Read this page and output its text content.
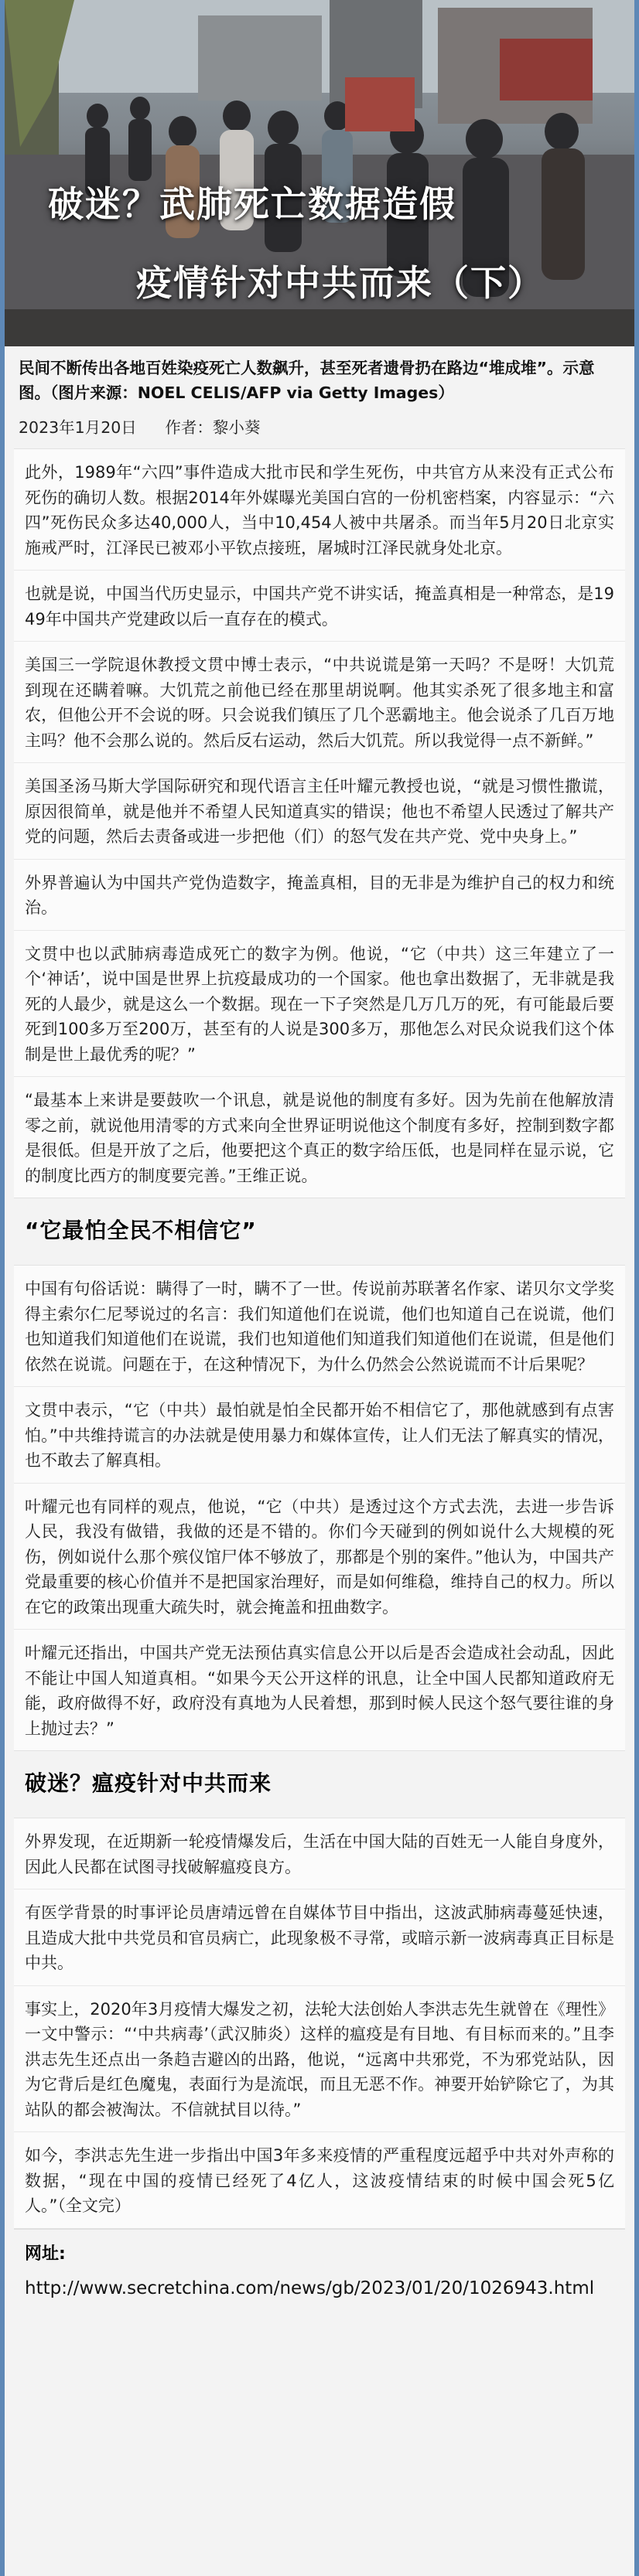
破迷？武肺死亡数据造假
疫情针对中共而来（下）
民间不断传出各地百姓染疫死亡人数飙升，甚至死者遗骨扔在路边“堆成堆”。示意图。（图片来源：NOEL CELIS/AFP via Getty Images）
2023年1月20日 作者：黎小葵

此外，1989年“六四”事件造成大批市民和学生死伤，中共官方从来没有正式公布死伤的确切人数。根据2014年外媒曝光美国白宫的一份机密档案，内容显示：“六四”死伤民众多达40,000人，当中10,454人被中共屠杀。而当年5月20日北京实施戒严时，江泽民已被邓小平钦点接班，屠城时江泽民就身处北京。

也就是说，中国当代历史显示，中国共产党不讲实话，掩盖真相是一种常态，是1949年中国共产党建政以后一直存在的模式。

美国三一学院退休教授文贯中博士表示，“中共说谎是第一天吗？不是呀！大饥荒到现在还瞒着嘛。大饥荒之前他已经在那里胡说啊。他其实杀死了很多地主和富农，但他公开不会说的呀。只会说我们镇压了几个恶霸地主。他会说杀了几百万地主吗？他不会那么说的。然后反右运动，然后大饥荒。所以我觉得一点不新鲜。”

美国圣汤马斯大学国际研究和现代语言主任叶耀元教授也说，“就是习惯性撒谎，原因很简单，就是他并不希望人民知道真实的错误；他也不希望人民透过了解共产党的问题，然后去责备或进一步把他（们）的怒气发在共产党、党中央身上。”

外界普遍认为中国共产党伪造数字，掩盖真相，目的无非是为维护自己的权力和统治。

文贯中也以武肺病毒造成死亡的数字为例。他说，“它（中共）这三年建立了一个‘神话’，说中国是世界上抗疫最成功的一个国家。他也拿出数据了，无非就是我死的人最少，就是这么一个数据。现在一下子突然是几万几万的死，有可能最后要死到100多万至200万，甚至有的人说是300多万，那他怎么对民众说我们这个体制是世上最优秀的呢？”

“最基本上来讲是要鼓吹一个讯息，就是说他的制度有多好。因为先前在他解放清零之前，就说他用清零的方式来向全世界证明说他这个制度有多好，控制到数字都是很低。但是开放了之后，他要把这个真正的数字给压低，也是同样在显示说，它的制度比西方的制度要完善。”王维正说。

“它最怕全民不相信它”

中国有句俗话说：瞒得了一时，瞒不了一世。传说前苏联著名作家、诺贝尔文学奖得主索尔仁尼琴说过的名言：我们知道他们在说谎，他们也知道自己在说谎，他们也知道我们知道他们在说谎，我们也知道他们知道我们知道他们在说谎，但是他们依然在说谎。问题在于，在这种情况下，为什么仍然会公然说谎而不计后果呢？

文贯中表示，“它（中共）最怕就是怕全民都开始不相信它了，那他就感到有点害怕。”中共维持谎言的办法就是使用暴力和媒体宣传，让人们无法了解真实的情况，也不敢去了解真相。

叶耀元也有同样的观点，他说，“它（中共）是透过这个方式去洗，去进一步告诉人民，我没有做错，我做的还是不错的。你们今天碰到的例如说什么大规模的死伤，例如说什么那个殡仪馆尸体不够放了，那都是个别的案件。”他认为，中国共产党最重要的核心价值并不是把国家治理好，而是如何维稳，维持自己的权力。所以在它的政策出现重大疏失时，就会掩盖和扭曲数字。

叶耀元还指出，中国共产党无法预估真实信息公开以后是否会造成社会动乱，因此不能让中国人知道真相。“如果今天公开这样的讯息，让全中国人民都知道政府无能，政府做得不好，政府没有真地为人民着想，那到时候人民这个怒气要往谁的身上抛过去？”

破迷？瘟疫针对中共而来

外界发现，在近期新一轮疫情爆发后，生活在中国大陆的百姓无一人能自身度外，因此人民都在试图寻找破解瘟疫良方。

有医学背景的时事评论员唐靖远曾在自媒体节目中指出，这波武肺病毒蔓延快速，且造成大批中共党员和官员病亡，此现象极不寻常，或暗示新一波病毒真正目标是中共。

事实上，2020年3月疫情大爆发之初，法轮大法创始人李洪志先生就曾在《理性》一文中警示：“‘中共病毒’（武汉肺炎）这样的瘟疫是有目地、有目标而来的。”且李洪志先生还点出一条趋吉避凶的出路，他说，“远离中共邪党，不为邪党站队，因为它背后是红色魔鬼，表面行为是流氓，而且无恶不作。神要开始铲除它了，为其站队的都会被淘汰。不信就拭目以待。”

如今，李洪志先生进一步指出中国3年多来疫情的严重程度远超乎中共对外声称的数据，“现在中国的疫情已经死了4亿人，这波疫情结束的时候中国会死5亿人。”（全文完）

网址:
http://www.secretchina.com/news/gb/2023/01/20/1026943.html
